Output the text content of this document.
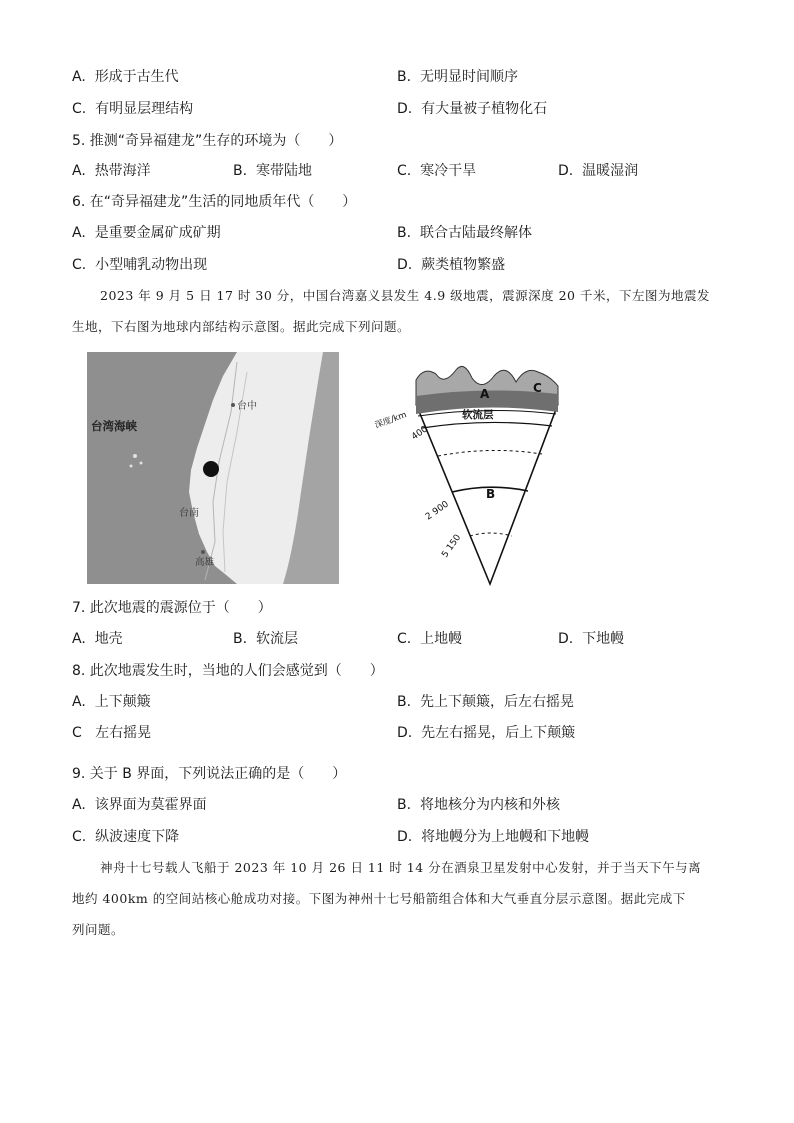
A. 形成于古生代	B. 无明显时间顺序
C. 有明显层理结构	D. 有大量被子植物化石
5. 推测“奇异福建龙”生存的环境为（　　）
A. 热带海洋	B. 寒带陆地	C. 寒冷干旱	D. 温暖湿润
6. 在“奇异福建龙”生活的同地质年代（　　）
A. 是重要金属矿成矿期	B. 联合古陆最终解体
C. 小型哺乳动物出现	D. 蕨类植物繁盛
2023 年 9 月 5 日 17 时 30 分，中国台湾嘉义县发生 4.9 级地震，震源深度 20 千米，下左图为地震发
生地，下右图为地球内部结构示意图。据此完成下列问题。
台中
台湾海峡
台南
高雄
A	C
软流层
深度/km
400
B
2 900
5 150
7. 此次地震的震源位于（　　）
A. 地壳	B. 软流层	C. 上地幔	D. 下地幔
8. 此次地震发生时，当地的人们会感觉到（　　）
A. 上下颠簸	B. 先上下颠簸，后左右摇晃
C 左右摇晃	D. 先左右摇晃，后上下颠簸
9. 关于 B 界面，下列说法正确的是（　　）
A. 该界面为莫霍界面	B. 将地核分为内核和外核
C. 纵波速度下降	D. 将地幔分为上地幔和下地幔
神舟十七号载人飞船于 2023 年 10 月 26 日 11 时 14 分在酒泉卫星发射中心发射，并于当天下午与离
地约 400km 的空间站核心舱成功对接。下图为神州十七号船箭组合体和大气垂直分层示意图。据此完成下
列问题。
